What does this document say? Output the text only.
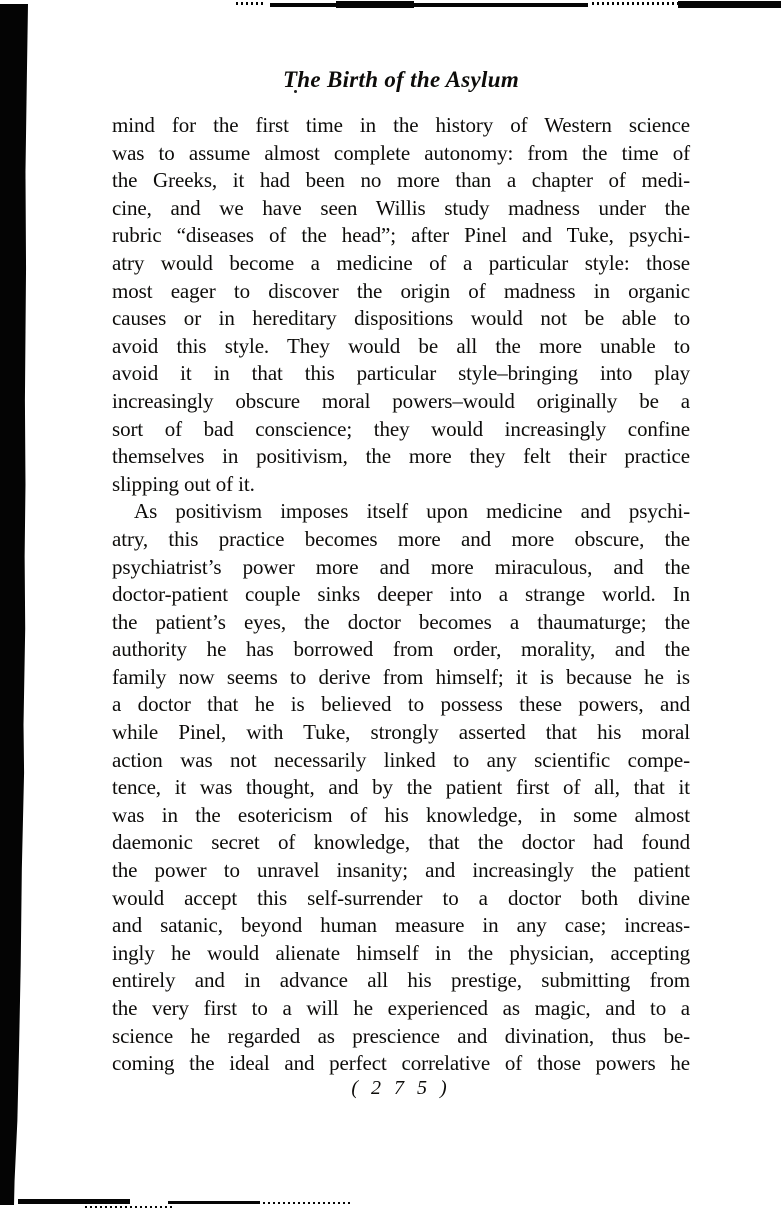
The Birth of the Asylum
mind for the first time in the history of Western science
was to assume almost complete autonomy: from the time of
the Greeks, it had been no more than a chapter of medi-
cine, and we have seen Willis study madness under the
rubric “diseases of the head”; after Pinel and Tuke, psychi-
atry would become a medicine of a particular style: those
most eager to discover the origin of madness in organic
causes or in hereditary dispositions would not be able to
avoid this style. They would be all the more unable to
avoid it in that this particular style–bringing into play
increasingly obscure moral powers–would originally be a
sort of bad conscience; they would increasingly confine
themselves in positivism, the more they felt their practice
slipping out of it.
As positivism imposes itself upon medicine and psychi-
atry, this practice becomes more and more obscure, the
psychiatrist’s power more and more miraculous, and the
doctor-patient couple sinks deeper into a strange world. In
the patient’s eyes, the doctor becomes a thaumaturge; the
authority he has borrowed from order, morality, and the
family now seems to derive from himself; it is because he is
a doctor that he is believed to possess these powers, and
while Pinel, with Tuke, strongly asserted that his moral
action was not necessarily linked to any scientific compe-
tence, it was thought, and by the patient first of all, that it
was in the esotericism of his knowledge, in some almost
daemonic secret of knowledge, that the doctor had found
the power to unravel insanity; and increasingly the patient
would accept this self-surrender to a doctor both divine
and satanic, beyond human measure in any case; increas-
ingly he would alienate himself in the physician, accepting
entirely and in advance all his prestige, submitting from
the very first to a will he experienced as magic, and to a
science he regarded as prescience and divination, thus be-
coming the ideal and perfect correlative of those powers he
( 2 7 5 )
